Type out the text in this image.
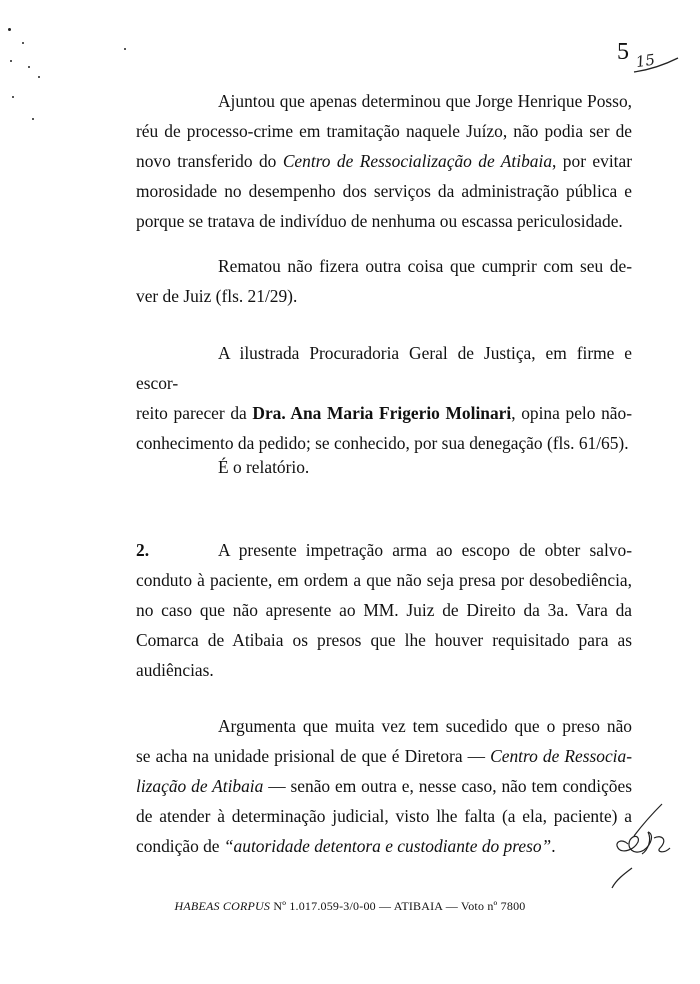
5 15
Ajuntou que apenas determinou que Jorge Henrique Posso,
réu de processo-crime em tramitação naquele Juízo, não podia ser de
novo transferido do Centro de Ressocialização de Atibaia, por evitar
morosidade no desempenho dos serviços da administração pública e
porque se tratava de indivíduo de nenhuma ou escassa periculosidade.
Rematou não fizera outra coisa que cumprir com seu de-
ver de Juiz (fls. 21/29).
A ilustrada Procuradoria Geral de Justiça, em firme e escor-
reito parecer da Dra. Ana Maria Frigerio Molinari, opina pelo não-
conhecimento da pedido; se conhecido, por sua denegação (fls. 61/65).
É o relatório.
2.	A presente impetração arma ao escopo de obter salvo-
conduto à paciente, em ordem a que não seja presa por desobediência,
no caso que não apresente ao MM. Juiz de Direito da 3a. Vara da
Comarca de Atibaia os presos que lhe houver requisitado para as
audiências.
Argumenta que muita vez tem sucedido que o preso não
se acha na unidade prisional de que é Diretora — Centro de Ressocia-
lização de Atibaia — senão em outra e, nesse caso, não tem condições
de atender à determinação judicial, visto lhe falta (a ela, paciente) a
condição de “autoridade detentora e custodiante do preso”.
HABEAS CORPUS Nº 1.017.059-3/0-00 — ATIBAIA — Voto nº 7800
